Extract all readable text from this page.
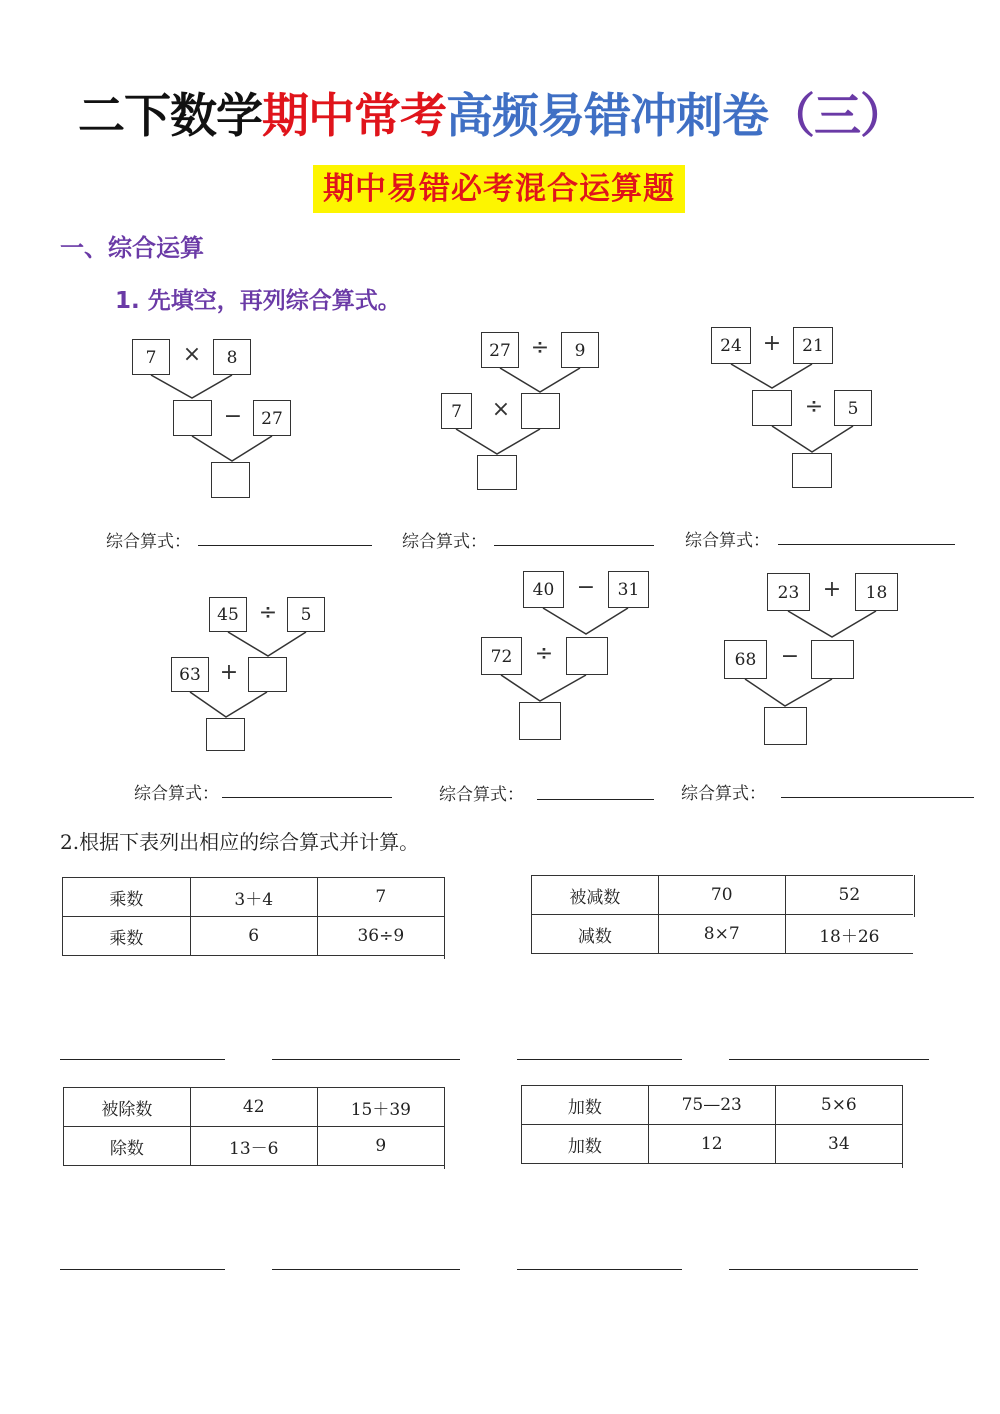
二下数学期中常考高频易错冲刺卷（三）
期中易错必考混合运算题
一、综合运算
1. 先填空，再列综合算式。
7	×	8
−	27
27 ÷	9
7	×
24 +	21
÷	5
综合算式：	综合算式：	综合算式：
45 ÷	5
63 +
40	−	31
72	÷
23	+	18
68	−
综合算式：	综合算式：	综合算式：
2.根据下表列出相应的综合算式并计算。
乘数	3＋4	7
乘数	6	36÷9
被减数	70	52
减数	8×7	18＋26
被除数	42	15＋39
除数	13－6	9
加数	75—23	5×6
加数	12	34
